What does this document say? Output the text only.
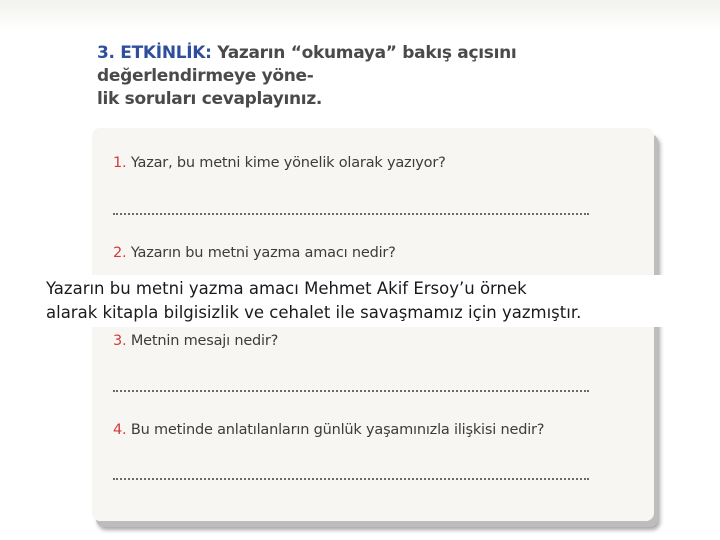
3. ETKİNLİK: Yazarın “okumaya” bakış açısını değerlendirmeye yöne-
lik soruları cevaplayınız.
1. Yazar, bu metni kime yönelik olarak yazıyor?
2. Yazarın bu metni yazma amacı nedir?
3. Metnin mesajı nedir?
4. Bu metinde anlatılanların günlük yaşamınızla ilişkisi nedir?
Yazarın bu metni yazma amacı Mehmet Akif Ersoy’u örnek
alarak kitapla bilgisizlik ve cehalet ile savaşmamız için yazmıştır.
